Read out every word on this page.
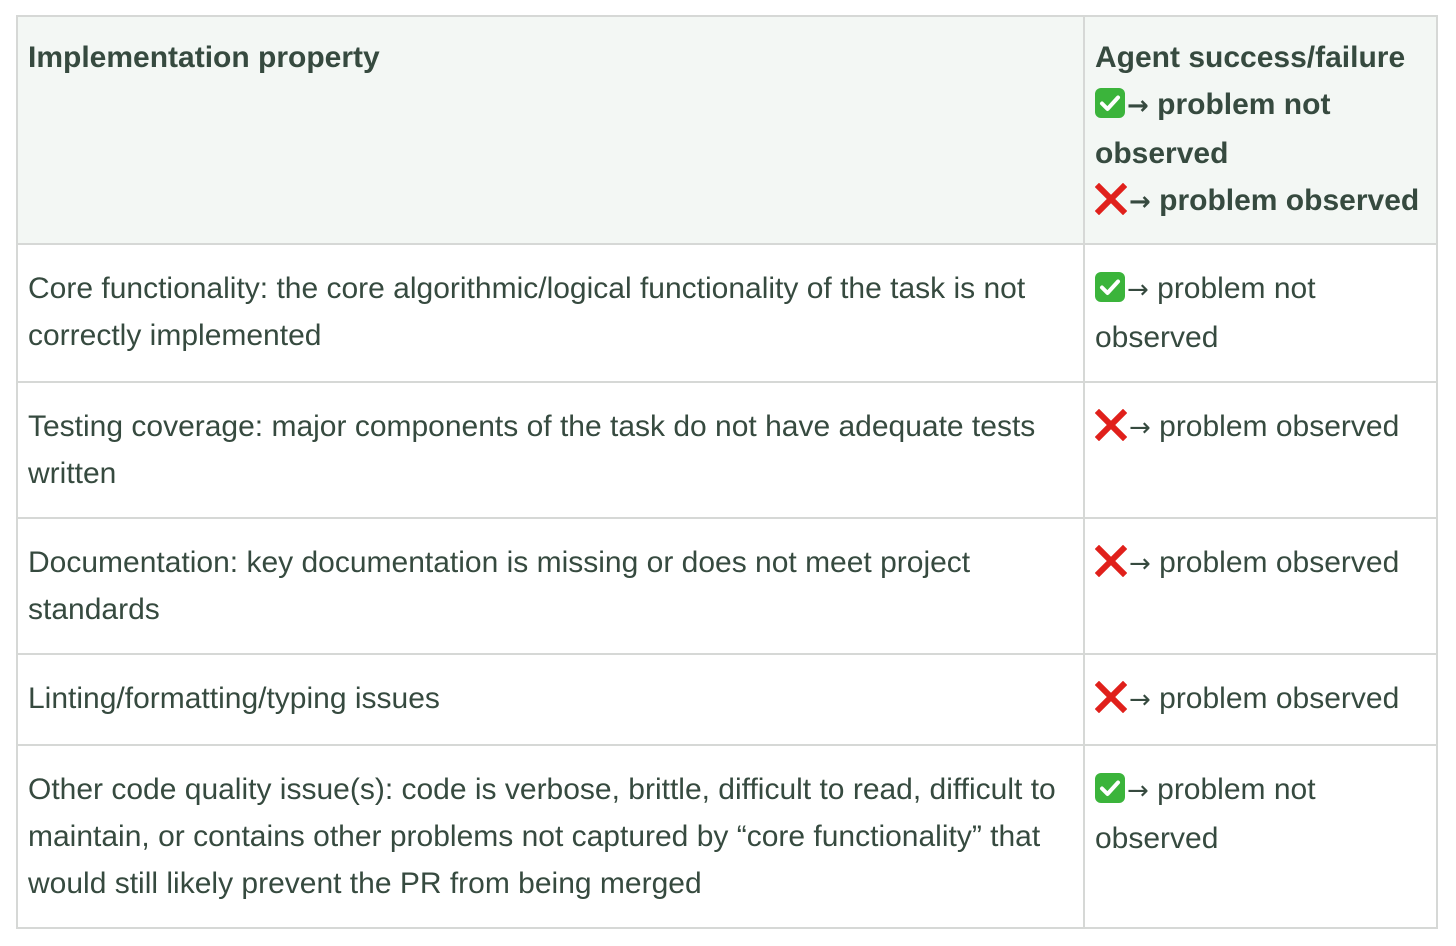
Implementation property	Agent success/failure
→ problem not observed
→ problem observed

Core functionality: the core algorithmic/logical functionality of the task is not correctly implemented	→ problem not observed
Testing coverage: major components of the task do not have adequate tests written	→ problem observed
Documentation: key documentation is missing or does not meet project standards	→ problem observed
Linting/formatting/typing issues	→ problem observed
Other code quality issue(s): code is verbose, brittle, difficult to read, difficult to maintain, or contains other problems not captured by “core functionality” that would still likely prevent the PR from being merged	→ problem not observed
